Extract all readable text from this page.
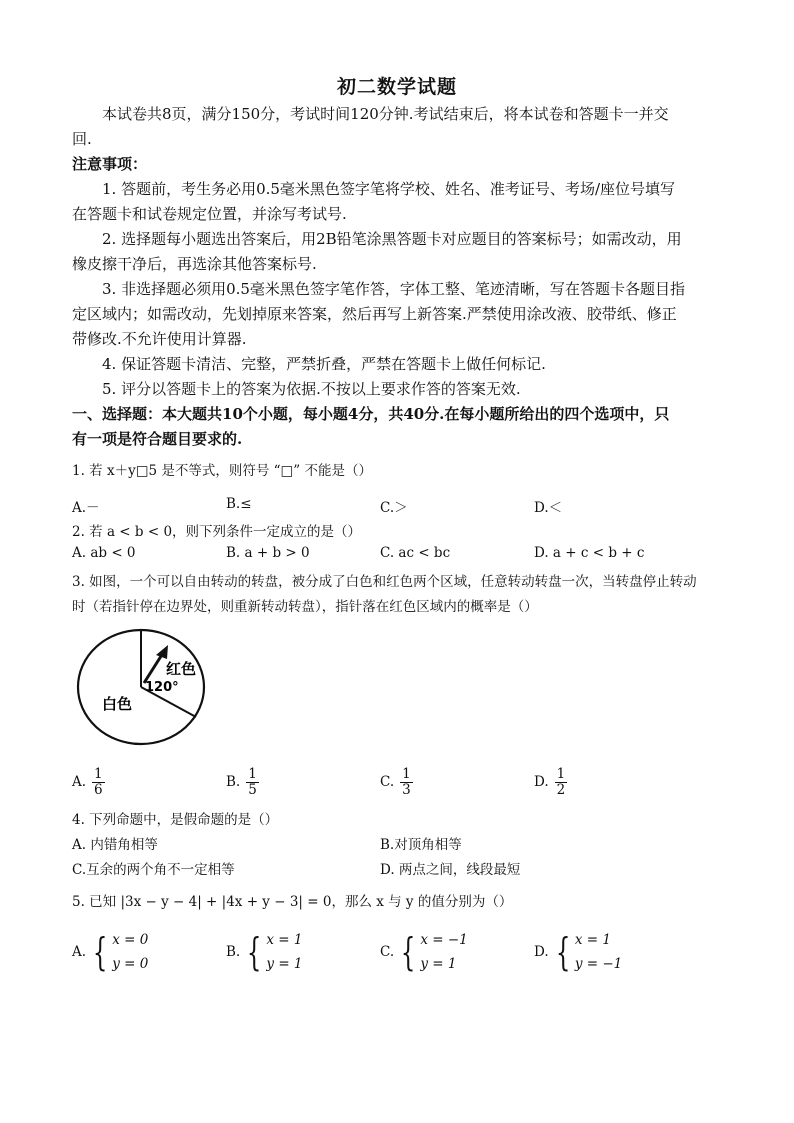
初二数学试题
本试卷共8页，满分150分，考试时间120分钟.考试结束后，将本试卷和答题卡一并交
回.
注意事项：
1. 答题前，考生务必用0.5毫米黑色签字笔将学校、姓名、准考证号、考场/座位号填写
在答题卡和试卷规定位置，并涂写考试号.
2. 选择题每小题选出答案后，用2B铅笔涂黑答题卡对应题目的答案标号；如需改动，用
橡皮擦干净后，再选涂其他答案标号.
3. 非选择题必须用0.5毫米黑色签字笔作答，字体工整、笔迹清晰，写在答题卡各题目指
定区域内；如需改动，先划掉原来答案，然后再写上新答案.严禁使用涂改液、胶带纸、修正
带修改.不允许使用计算器.
4. 保证答题卡清洁、完整，严禁折叠，严禁在答题卡上做任何标记.
5. 评分以答题卡上的答案为依据.不按以上要求作答的答案无效.
一、选择题：本大题共10个小题，每小题4分，共40分.在每小题所给出的四个选项中，只
有一项是符合题目要求的.
1. 若 x＋y□5 是不等式，则符号 “□” 不能是（）
A.－	B.≤	C.＞	D.＜
2. 若 a < b < 0，则下列条件一定成立的是（）
A. ab < 0	B. a + b > 0	C. ac < bc	D. a + c < b + c
3. 如图，一个可以自由转动的转盘，被分成了白色和红色两个区域，任意转动转盘一次，当转盘停止转动
时（若指针停在边界处，则重新转动转盘），指针落在红色区域内的概率是（）
红色
120°
白色
A. $\frac{1}{6}$	B. $\frac{1}{5}$	C. $\frac{1}{3}$	D. $\frac{1}{2}$
4. 下列命题中，是假命题的是（）
A. 内错角相等	B.对顶角相等
C.互余的两个角不一定相等	D. 两点之间，线段最短
5. 已知 |3x − y − 4| + |4x + y − 3| = 0，那么 x 与 y 的值分别为（）
A. { x = 0
y = 0
B. { x = 1
y = 1
C. { x = −1
y = 1
D. { x = 1
y = −1
